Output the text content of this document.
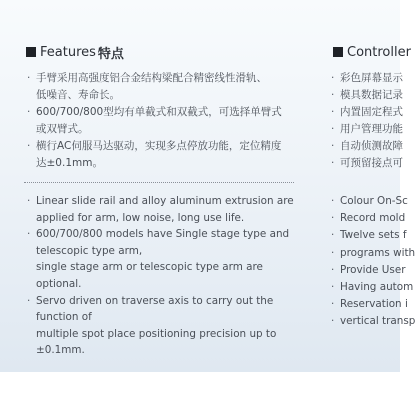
Features 特点
· 手臂采用高强度铝合金结构梁配合精密线性滑轨、
低噪音、寿命长。
· 600/700/800型均有单截式和双截式，可选择单臂式
或双臂式。
· 横行AC伺服马达驱动，实现多点停放功能，定位精度
达±0.1mm。
· Linear slide rail and alloy aluminum extrusion are
applied for arm, low noise, long use life.
· 600/700/800 models have Single stage type and
telescopic type arm,
single stage arm or telescopic type arm are optional.
· Servo driven on traverse axis to carry out the function of
multiple spot place positioning precision up to ±0.1mm.
Controller
· 彩色屏幕显示
· 模具数据记录
· 内置固定程式
· 用户管理功能
· 自动侦测故障
· 可预留接点可
· Colour On-Sc
· Record mold
· Twelve sets f
· programs with
· Provide User
· Having autom
· Reservation i
· vertical transp
